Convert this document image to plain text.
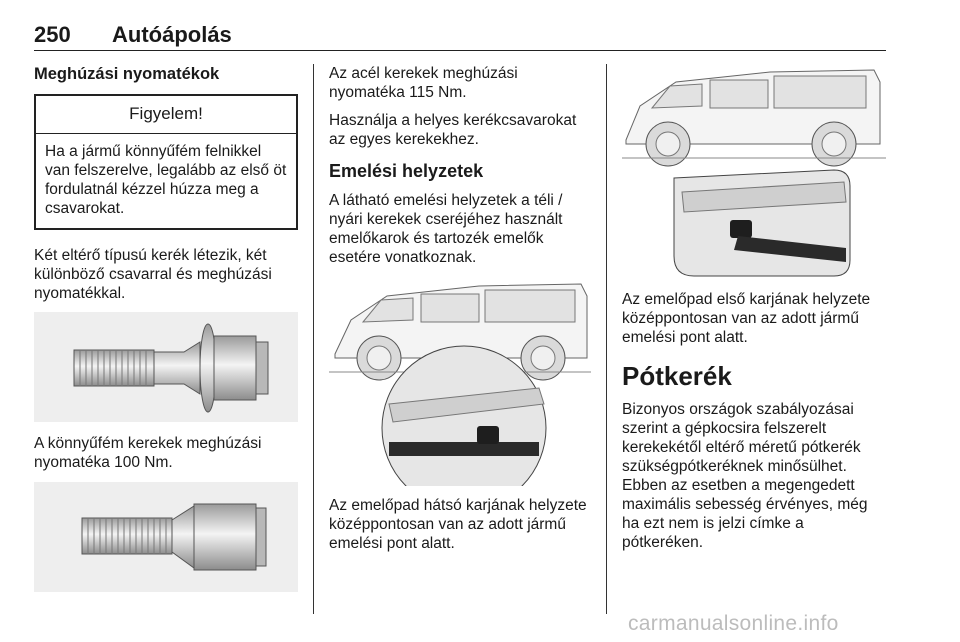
250 Autóápolás
Meghúzási nyomatékok
Figyelem!
Ha a jármű könnyűfém felnikkel van felszerelve, legalább az első öt fordulatnál kézzel húzza meg a csavarokat.
Két eltérő típusú kerék létezik, két különböző csavarral és meghúzási nyomatékkal.
A könnyűfém kerekek meghúzási nyomatéka 100 Nm.
Az acél kerekek meghúzási nyomatéka 115 Nm.
Használja a helyes kerékcsavarokat az egyes kerekekhez.
Emelési helyzetek
A látható emelési helyzetek a téli / nyári kerekek cseréjéhez használt emelőkarok és tartozék emelők esetére vonatkoznak.
Az emelőpad hátsó karjának helyzete középpontosan van az adott jármű emelési pont alatt.
Az emelőpad első karjának helyzete középpontosan van az adott jármű emelési pont alatt.
Pótkerék
Bizonyos országok szabályozásai szerint a gépkocsira felszerelt kerekekétől eltérő méretű pótkerék szükségpótkeréknek minősülhet. Ebben az esetben a megengedett maximális sebesség érvényes, még ha ezt nem is jelzi címke a pótkeréken.
carmanualsonline.info
